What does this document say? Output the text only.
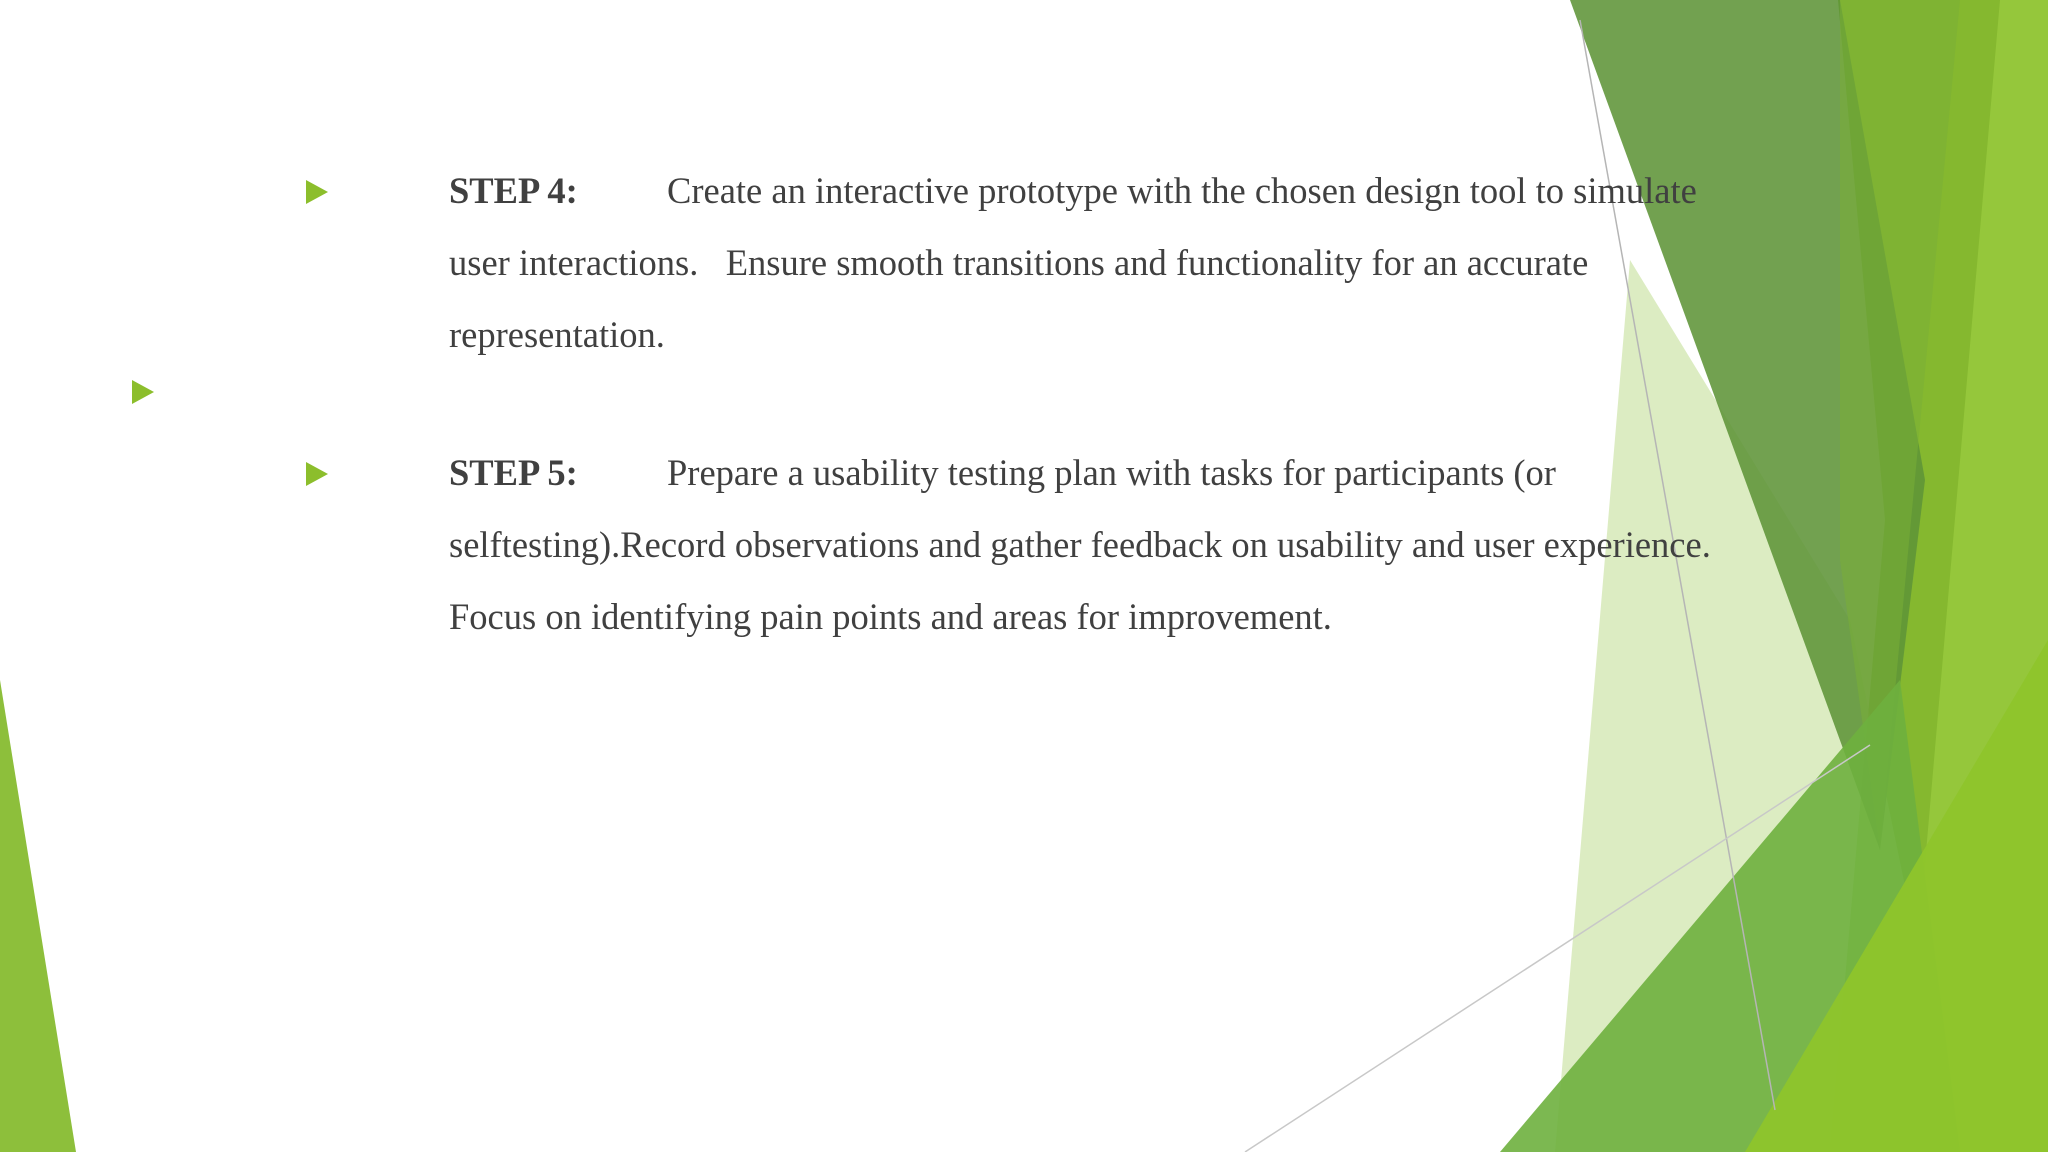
STEP 4: Create an interactive prototype with the chosen design tool to simulate
user interactions.   Ensure smooth transitions and functionality for an accurate
representation.
STEP 5: Prepare a usability testing plan with tasks for participants (or
selftesting).Record observations and gather feedback on usability and user experience.
Focus on identifying pain points and areas for improvement.
